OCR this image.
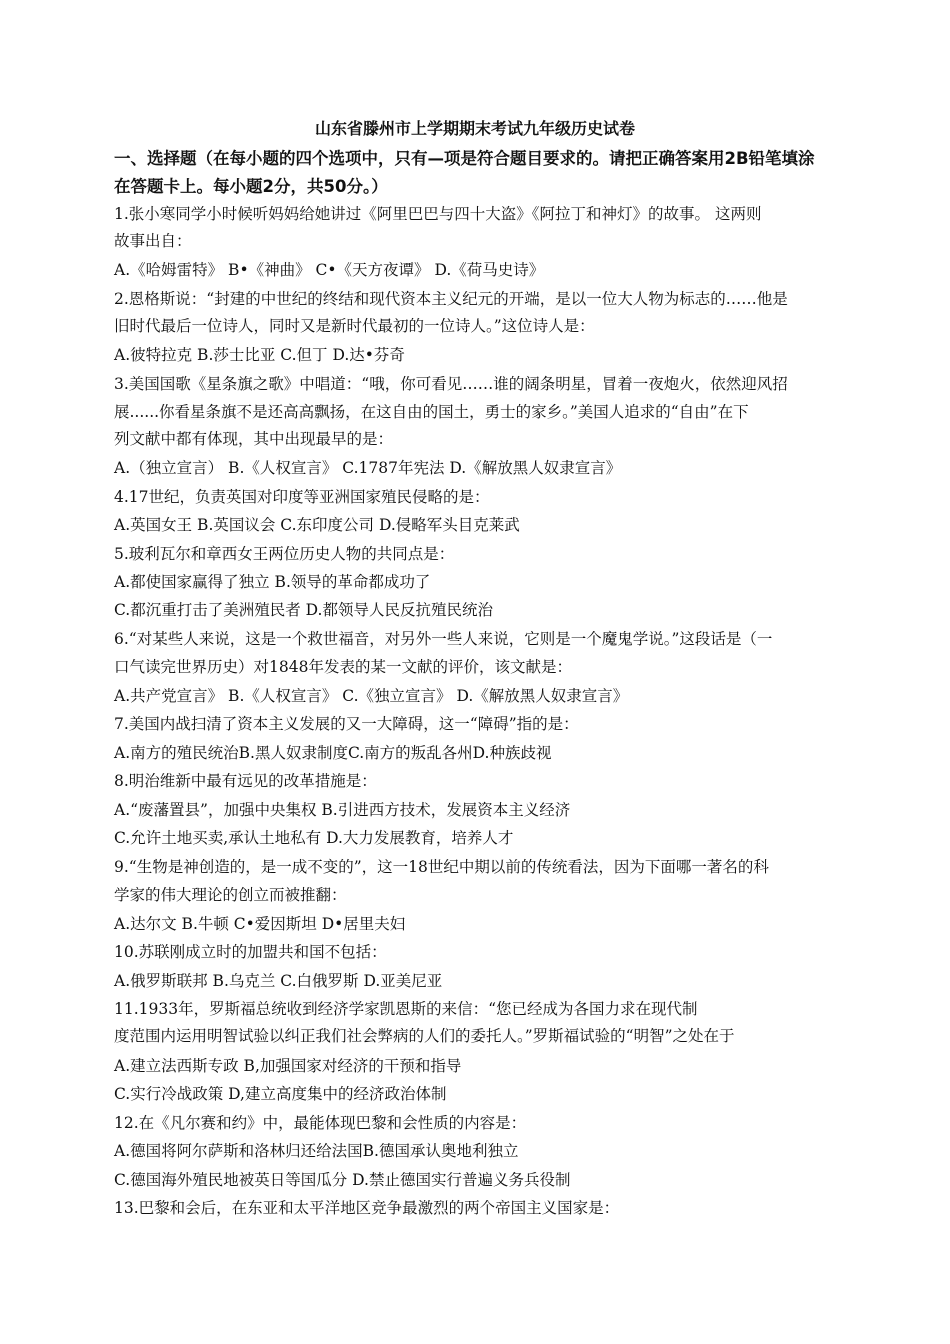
山东省滕州市上学期期末考试九年级历史试卷
一、选择题（在每小题的四个选项中，只有—项是符合题目要求的。请把正确答案用2B铅笔填涂
在答题卡上。每小题2分，共50分。）
1.张小寒同学小时候听妈妈给她讲过《阿里巴巴与四十大盗》《阿拉丁和神灯》的故事。 这两则
故事出自：
A.《哈姆雷特》 B•《神曲》 C•《天方夜谭》 D.《荷马史诗》
2.恩格斯说：“封建的中世纪的终结和现代资本主义纪元的开端，是以一位大人物为标志的……他是
旧时代最后一位诗人，同时又是新时代最初的一位诗人。”这位诗人是：
A.彼特拉克 B.莎士比亚 C.但丁 D.达•芬奇
3.美国国歌《星条旗之歌》中唱道：“哦，你可看见……谁的阔条明星，冒着一夜炮火，依然迎风招
展......你看星条旗不是还高高飘扬，在这自由的国土，勇士的家乡。”美国人追求的“自由”在下
列文献中都有体现，其中出现最早的是：
A.（独立宣言） B.《人权宣言》 C.1787年宪法 D.《解放黑人奴隶宣言》
4.17世纪，负责英国对印度等亚洲国家殖民侵略的是：
A.英国女王 B.英国议会 C.东印度公司 D.侵略军头目克莱武
5.玻利瓦尔和章西女王两位历史人物的共同点是：
A.都使国家赢得了独立 B.领导的革命都成功了
C.都沉重打击了美洲殖民者 D.都领导人民反抗殖民统治
6.“对某些人来说，这是一个救世福音，对另外一些人来说，它则是一个魔鬼学说。”这段话是（一
口气读完世界历史）对1848年发表的某一文献的评价，该文献是：
A.共产党宣言》 B.《人权宣言》 C.《独立宣言》 D.《解放黑人奴隶宣言》
7.美国内战扫清了资本主义发展的又一大障碍，这一“障碍”指的是：
A.南方的殖民统治B.黑人奴隶制度C.南方的叛乱各州D.种族歧视
8.明治维新中最有远见的改革措施是：
A.“废藩置县”，加强中央集权 B.引进西方技术，发展资本主义经济
C.允许土地买卖,承认土地私有 D.大力发展教育，培养人才
9.“生物是神创造的，是一成不变的”，这一18世纪中期以前的传统看法，因为下面哪一著名的科
学家的伟大理论的创立而被推翻：
A.达尔文 B.牛顿 C•爱因斯坦 D•居里夫妇
10.苏联刚成立时的加盟共和国不包括：
A.俄罗斯联邦 B.乌克兰 C.白俄罗斯 D.亚美尼亚
11.1933年，罗斯福总统收到经济学家凯恩斯的来信：“您已经成为各国力求在现代制
度范围内运用明智试验以纠正我们社会弊病的人们的委托人。”罗斯福试验的“明智”之处在于
A.建立法西斯专政 B,加强国家对经济的干预和指导
C.实行冷战政策 D,建立高度集中的经济政治体制
12.在《凡尔赛和约》中，最能体现巴黎和会性质的内容是：
A.德国将阿尔萨斯和洛林归还给法国B.德国承认奥地利独立
C.德国海外殖民地被英日等国瓜分 D.禁止德国实行普遍义务兵役制
13.巴黎和会后，在东亚和太平洋地区竞争最激烈的两个帝国主义国家是：
